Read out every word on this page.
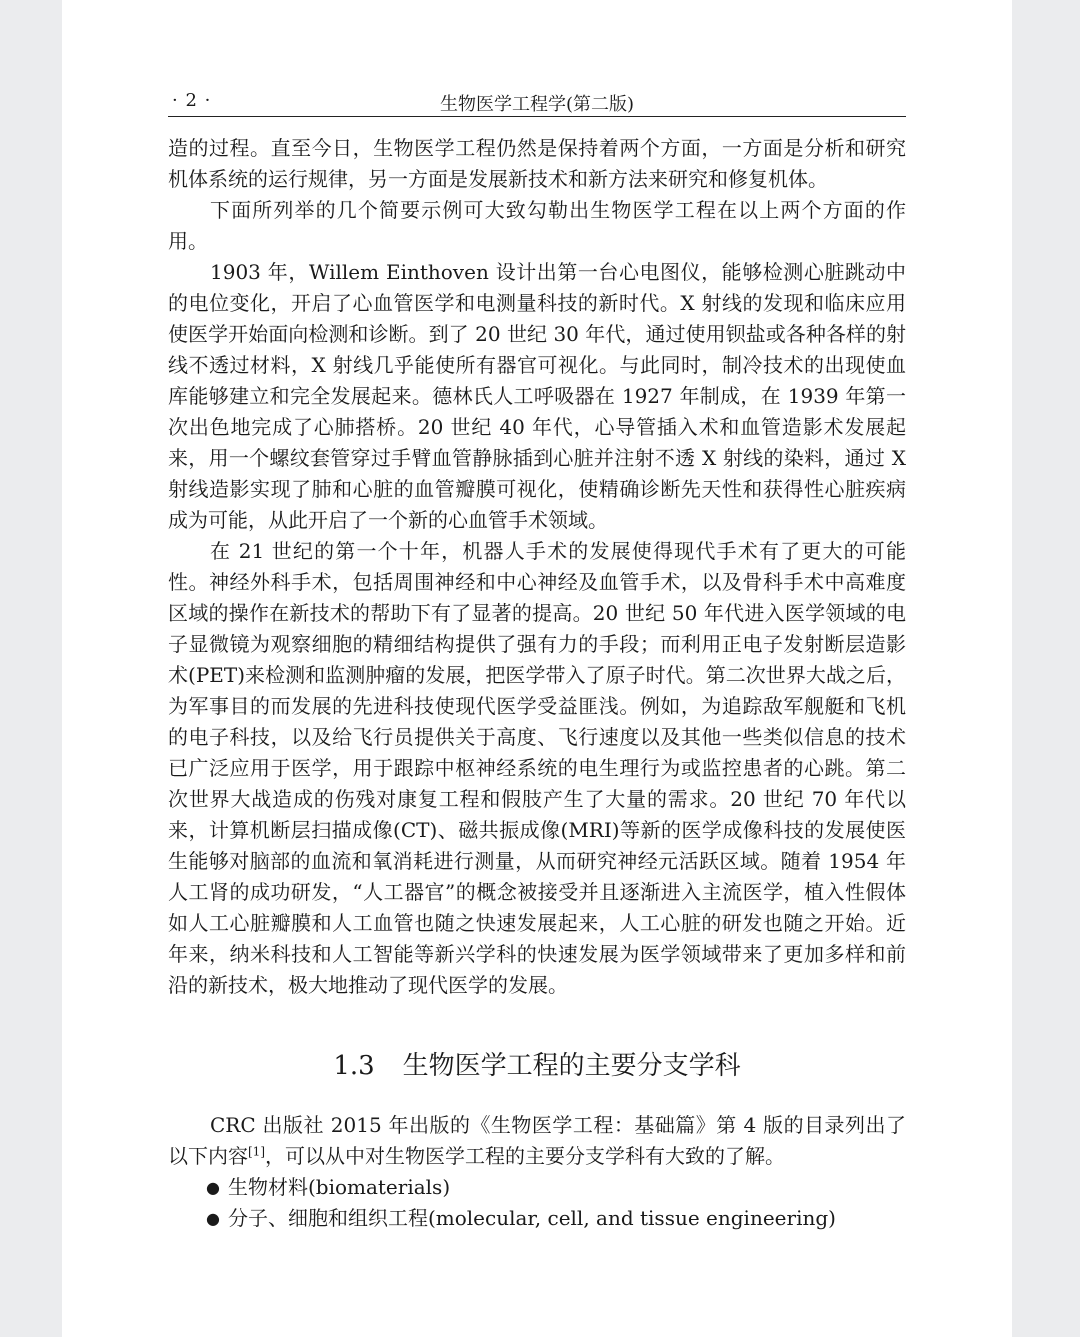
· 2 ·	生物医学工程学(第二版)

造的过程。直至今日，生物医学工程仍然是保持着两个方面，一方面是分析和研究机体系统的运行规律，另一方面是发展新技术和新方法来研究和修复机体。

下面所列举的几个简要示例可大致勾勒出生物医学工程在以上两个方面的作用。

1903 年，Willem Einthoven 设计出第一台心电图仪，能够检测心脏跳动中的电位变化，开启了心血管医学和电测量科技的新时代。X 射线的发现和临床应用使医学开始面向检测和诊断。到了 20 世纪 30 年代，通过使用钡盐或各种各样的射线不透过材料，X 射线几乎能使所有器官可视化。与此同时，制冷技术的出现使血库能够建立和完全发展起来。德林氏人工呼吸器在 1927 年制成，在 1939 年第一次出色地完成了心肺搭桥。20 世纪 40 年代，心导管插入术和血管造影术发展起来，用一个螺纹套管穿过手臂血管静脉插到心脏并注射不透 X 射线的染料，通过 X 射线造影实现了肺和心脏的血管瓣膜可视化，使精确诊断先天性和获得性心脏疾病成为可能，从此开启了一个新的心血管手术领域。

在 21 世纪的第一个十年，机器人手术的发展使得现代手术有了更大的可能性。神经外科手术，包括周围神经和中心神经及血管手术，以及骨科手术中高难度区域的操作在新技术的帮助下有了显著的提高。20 世纪 50 年代进入医学领域的电子显微镜为观察细胞的精细结构提供了强有力的手段；而利用正电子发射断层造影术(PET)来检测和监测肿瘤的发展，把医学带入了原子时代。第二次世界大战之后，为军事目的而发展的先进科技使现代医学受益匪浅。例如，为追踪敌军舰艇和飞机的电子科技，以及给飞行员提供关于高度、飞行速度以及其他一些类似信息的技术已广泛应用于医学，用于跟踪中枢神经系统的电生理行为或监控患者的心跳。第二次世界大战造成的伤残对康复工程和假肢产生了大量的需求。20 世纪 70 年代以来，计算机断层扫描成像(CT)、磁共振成像(MRI)等新的医学成像科技的发展使医生能够对脑部的血流和氧消耗进行测量，从而研究神经元活跃区域。随着 1954 年人工肾的成功研发，“人工器官”的概念被接受并且逐渐进入主流医学，植入性假体如人工心脏瓣膜和人工血管也随之快速发展起来，人工心脏的研发也随之开始。近年来，纳米科技和人工智能等新兴学科的快速发展为医学领域带来了更加多样和前沿的新技术，极大地推动了现代医学的发展。

1.3 生物医学工程的主要分支学科

CRC 出版社 2015 年出版的《生物医学工程：基础篇》第 4 版的目录列出了以下内容[1]，可以从中对生物医学工程的主要分支学科有大致的了解。

● 生物材料(biomaterials)
● 分子、细胞和组织工程(molecular, cell, and tissue engineering)
